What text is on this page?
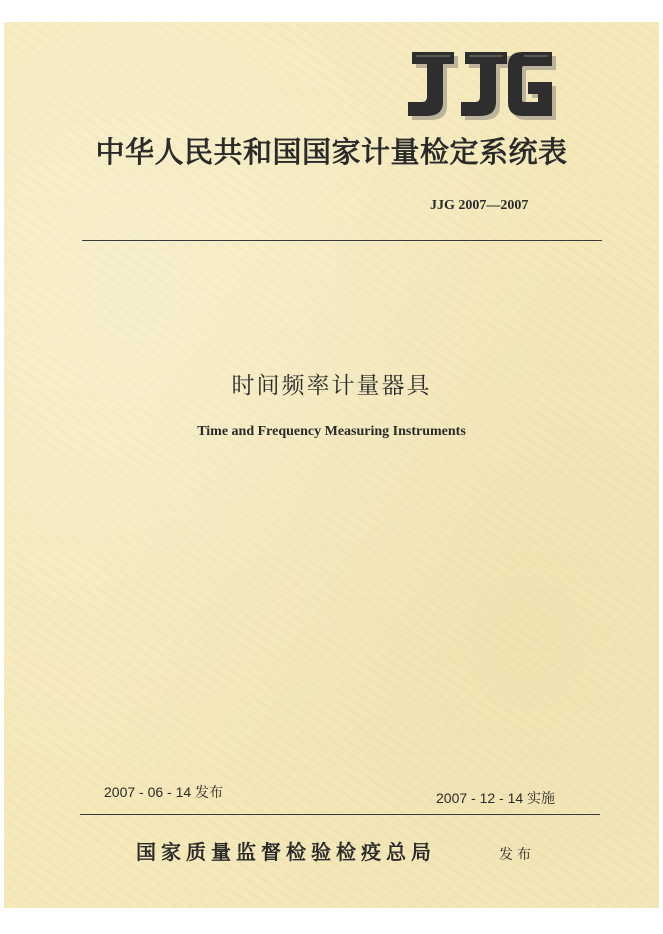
中华人民共和国国家计量检定系统表
JJG 2007—2007
时间频率计量器具
Time and Frequency Measuring Instruments
2007 - 06 - 14 发布	2007 - 12 - 14 实施
国家质量监督检验检疫总局	发布
